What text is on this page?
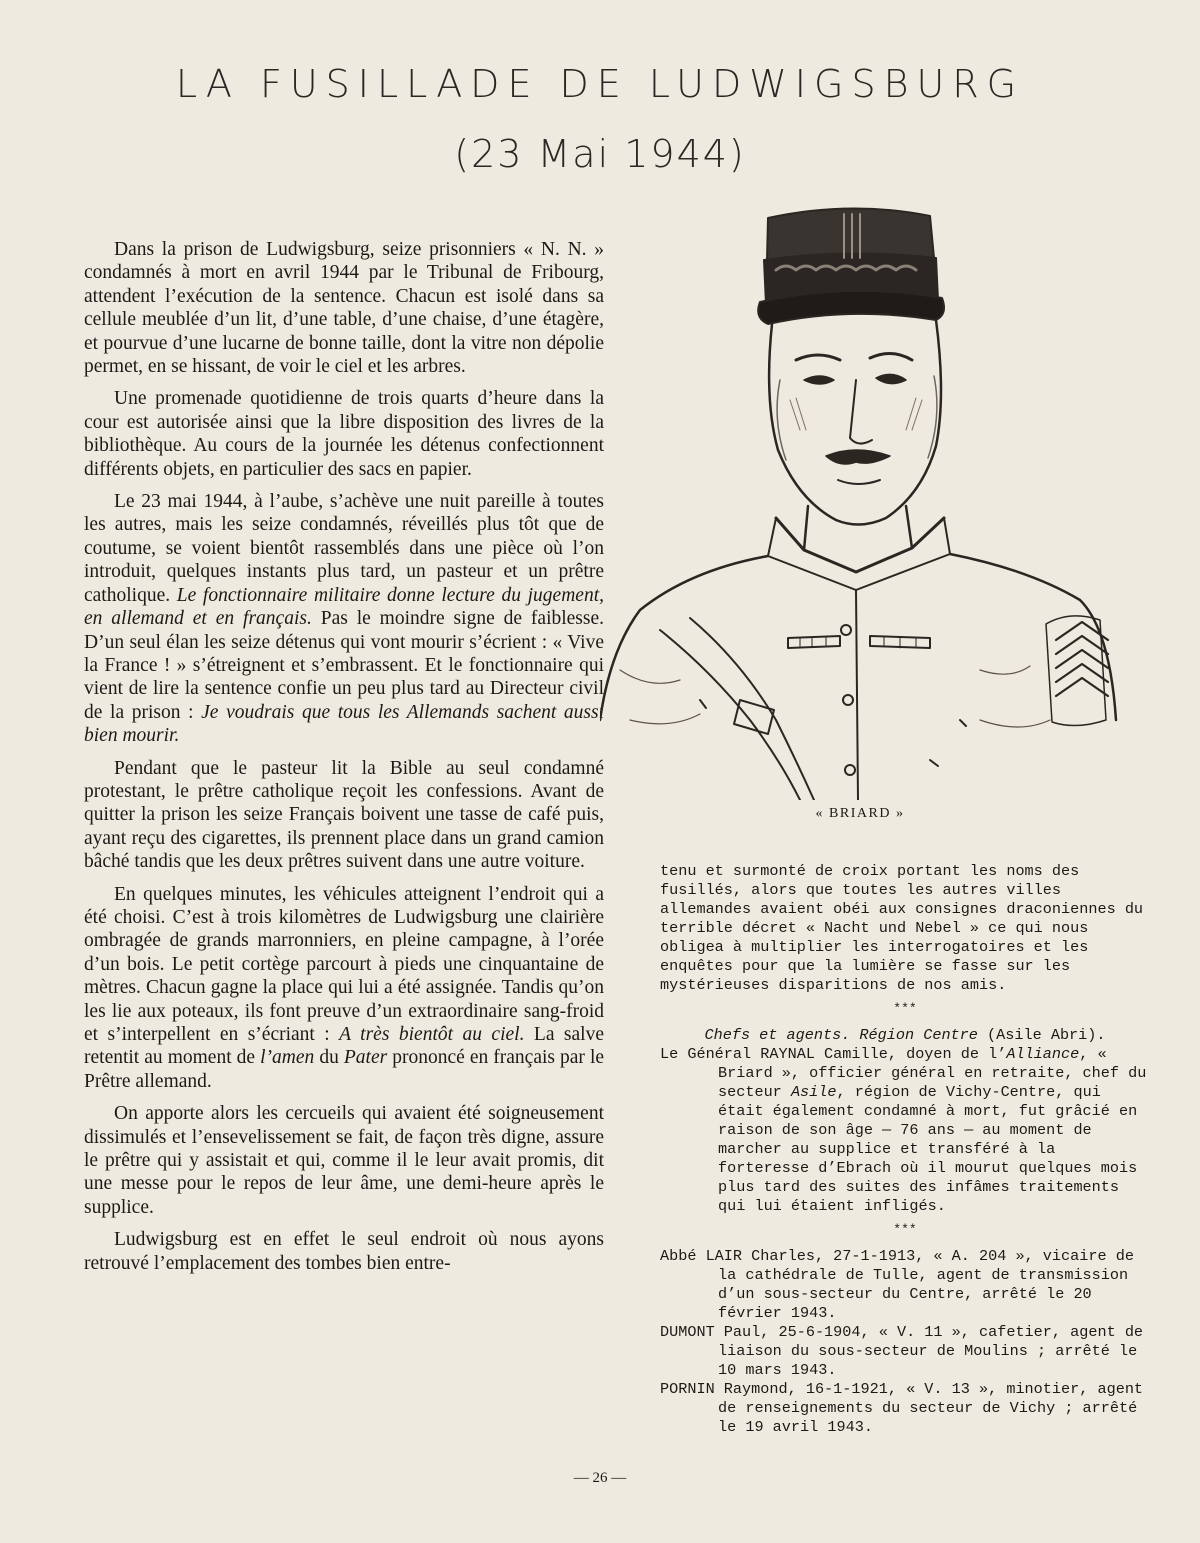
LA FUSILLADE DE LUDWIGSBURG
(23 Mai 1944)

Dans la prison de Ludwigsburg, seize prisonniers « N. N. » condamnés à mort en avril 1944 par le Tribunal de Fribourg, attendent l’exécution de la sentence. Chacun est isolé dans sa cellule meublée d’un lit, d’une table, d’une chaise, d’une étagère, et pourvue d’une lucarne de bonne taille, dont la vitre non dépolie permet, en se hissant, de voir le ciel et les arbres.

Une promenade quotidienne de trois quarts d’heure dans la cour est autorisée ainsi que la libre disposition des livres de la bibliothèque. Au cours de la journée les détenus confectionnent différents objets, en particulier des sacs en papier.

Le 23 mai 1944, à l’aube, s’achève une nuit pareille à toutes les autres, mais les seize condamnés, réveillés plus tôt que de coutume, se voient bientôt rassemblés dans une pièce où l’on introduit, quelques instants plus tard, un pasteur et un prêtre catholique. Le fonctionnaire militaire donne lecture du jugement, en allemand et en français. Pas le moindre signe de faiblesse. D’un seul élan les seize détenus qui vont mourir s’écrient : « Vive la France ! » s’étreignent et s’embrassent. Et le fonctionnaire qui vient de lire la sentence confie un peu plus tard au Directeur civil de la prison : Je voudrais que tous les Allemands sachent aussi bien mourir.

Pendant que le pasteur lit la Bible au seul condamné protestant, le prêtre catholique reçoit les confessions. Avant de quitter la prison les seize Français boivent une tasse de café puis, ayant reçu des cigarettes, ils prennent place dans un grand camion bâché tandis que les deux prêtres suivent dans une autre voiture.

En quelques minutes, les véhicules atteignent l’endroit qui a été choisi. C’est à trois kilomètres de Ludwigsburg une clairière ombragée de grands marronniers, en pleine campagne, à l’orée d’un bois. Le petit cortège parcourt à pieds une cinquantaine de mètres. Chacun gagne la place qui lui a été assignée. Tandis qu’on les lie aux poteaux, ils font preuve d’un extraordinaire sang-froid et s’interpellent en s’écriant : A très bientôt au ciel. La salve retentit au moment de l’amen du Pater prononcé en français par le Prêtre allemand.

On apporte alors les cercueils qui avaient été soigneusement dissimulés et l’ensevelissement se fait, de façon très digne, assure le prêtre qui y assistait et qui, comme il le leur avait promis, dit une messe pour le repos de leur âme, une demi-heure après le supplice.

Ludwigsburg est en effet le seul endroit où nous ayons retrouvé l’emplacement des tombes bien entre-

« BRIARD »

tenu et surmonté de croix portant les noms des fusillés, alors que toutes les autres villes allemandes avaient obéi aux consignes draconiennes du terrible décret « Nacht und Nebel » ce qui nous obligea à multiplier les interrogatoires et les enquêtes pour que la lumière se fasse sur les mystérieuses disparitions de nos amis.

***

Chefs et agents. Région Centre (Asile Abri).

Le Général RAYNAL Camille, doyen de l’Alliance, « Briard », officier général en retraite, chef du secteur Asile, région de Vichy-Centre, qui était également condamné à mort, fut grâcié en raison de son âge — 76 ans — au moment de marcher au supplice et transféré à la forteresse d’Ebrach où il mourut quelques mois plus tard des suites des infâmes traitements qui lui étaient infligés.

***

Abbé LAIR Charles, 27-1-1913, « A. 204 », vicaire de la cathédrale de Tulle, agent de transmission d’un sous-secteur du Centre, arrêté le 20 février 1943.

DUMONT Paul, 25-6-1904, « V. 11 », cafetier, agent de liaison du sous-secteur de Moulins ; arrêté le 10 mars 1943.

PORNIN Raymond, 16-1-1921, « V. 13 », minotier, agent de renseignements du secteur de Vichy ; arrêté le 19 avril 1943.

— 26 —
